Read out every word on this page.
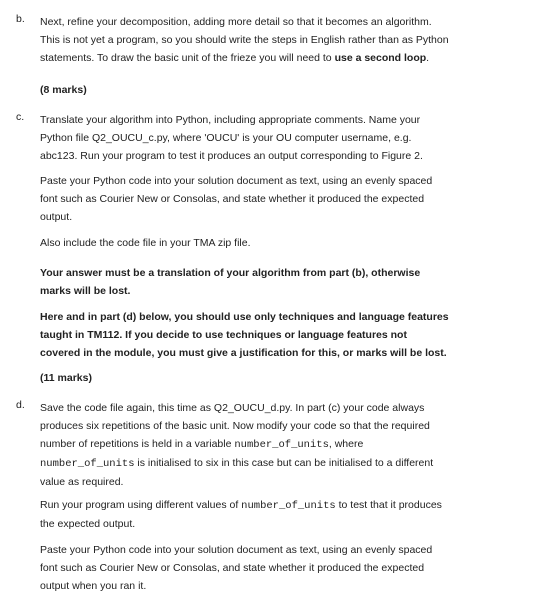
b. Next, refine your decomposition, adding more detail so that it becomes an algorithm.
This is not yet a program, so you should write the steps in English rather than as Python
statements. To draw the basic unit of the frieze you will need to use a second loop.
(8 marks)
c. Translate your algorithm into Python, including appropriate comments. Name your
Python file Q2_OUCU_c.py, where 'OUCU' is your OU computer username, e.g.
abc123. Run your program to test it produces an output corresponding to Figure 2.
Paste your Python code into your solution document as text, using an evenly spaced
font such as Courier New or Consolas, and state whether it produced the expected
output.
Also include the code file in your TMA zip file.
Your answer must be a translation of your algorithm from part (b), otherwise
marks will be lost.
Here and in part (d) below, you should use only techniques and language features
taught in TM112. If you decide to use techniques or language features not
covered in the module, you must give a justification for this, or marks will be lost.
(11 marks)
d. Save the code file again, this time as Q2_OUCU_d.py. In part (c) your code always
produces six repetitions of the basic unit. Now modify your code so that the required
number of repetitions is held in a variable number_of_units, where
number_of_units is initialised to six in this case but can be initialised to a different
value as required.
Run your program using different values of number_of_units to test that it produces
the expected output.
Paste your Python code into your solution document as text, using an evenly spaced
font such as Courier New or Consolas, and state whether it produced the expected
output when you ran it.
